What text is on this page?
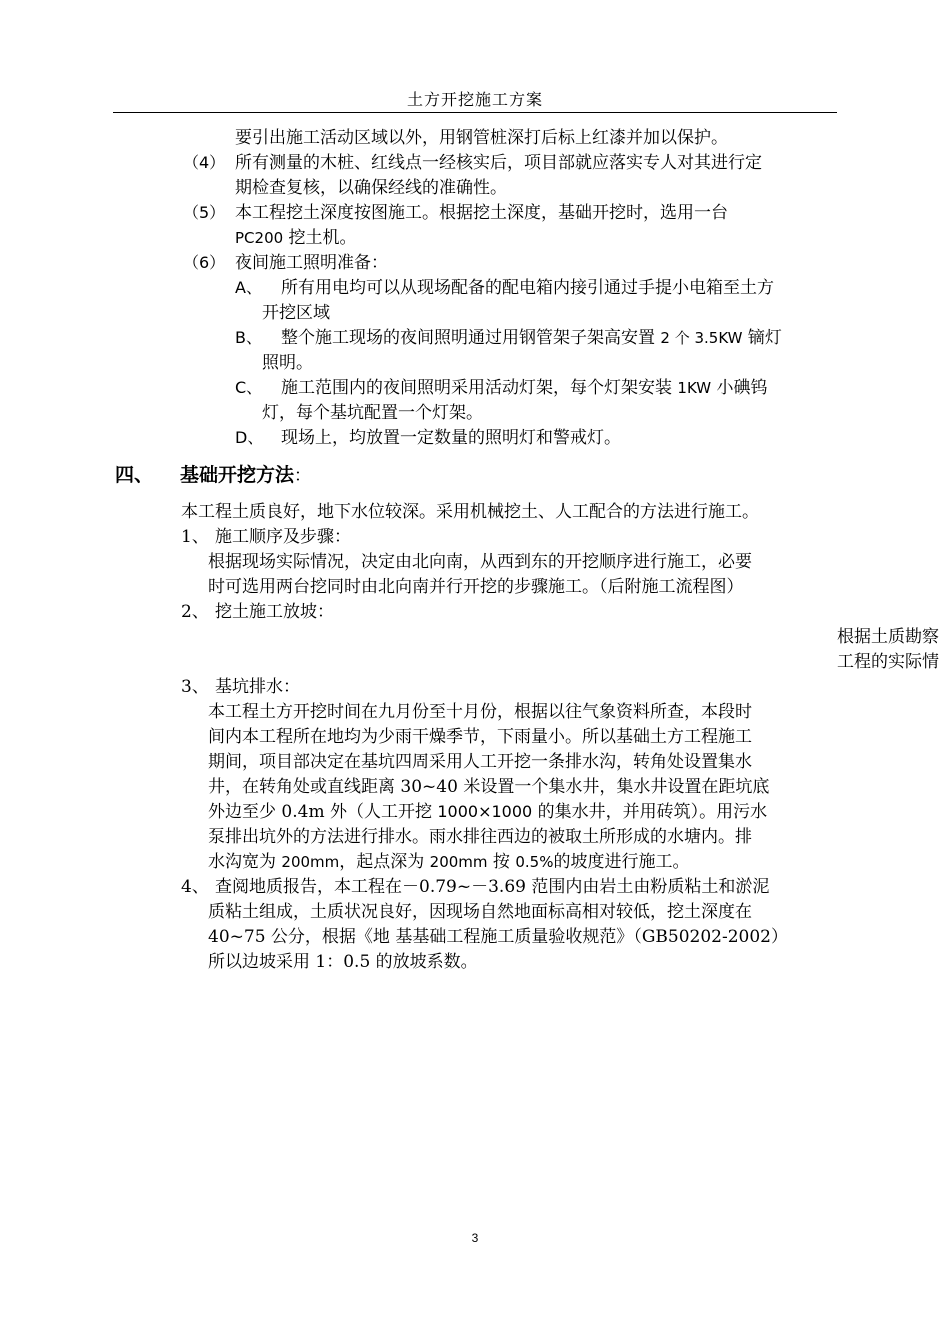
土方开挖施工方案
要引出施工活动区域以外，用钢管桩深打后标上红漆并加以保护。
（4） 所有测量的木桩、红线点一经核实后，项目部就应落实专人对其进行定
期检查复核，以确保经线的准确性。
（5） 本工程挖土深度按图施工。根据挖土深度，基础开挖时，选用一台
PC200 挖土机。
（6） 夜间施工照明准备：
A、 所有用电均可以从现场配备的配电箱内接引通过手提小电箱至土方
开挖区域
B、 整个施工现场的夜间照明通过用钢管架子架高安置 2 个 3.5KW 镝灯
照明。
C、 施工范围内的夜间照明采用活动灯架，每个灯架安装 1KW 小碘钨
灯，每个基坑配置一个灯架。
D、 现场上，均放置一定数量的照明灯和警戒灯。
四、 基础开挖方法：
本工程土质良好，地下水位较深。采用机械挖土、人工配合的方法进行施工。
1、 施工顺序及步骤：
根据现场实际情况，决定由北向南，从西到东的开挖顺序进行施工，必要
时可选用两台挖同时由北向南并行开挖的步骤施工。（后附施工流程图）
2、 挖土施工放坡：
根据土质勘察
工程的实际情
3、 基坑排水：
本工程土方开挖时间在九月份至十月份，根据以往气象资料所查，本段时
间内本工程所在地均为少雨干燥季节，下雨量小。所以基础土方工程施工
期间，项目部决定在基坑四周采用人工开挖一条排水沟，转角处设置集水
井，在转角处或直线距离 30~40 米设置一个集水井，集水井设置在距坑底
外边至少 0.4m 外（人工开挖 1000×1000 的集水井，并用砖筑）。用污水
泵排出坑外的方法进行排水。雨水排往西边的被取土所形成的水塘内。排
水沟宽为 200mm，起点深为 200mm 按 0.5%的坡度进行施工。
4、 查阅地质报告，本工程在－0.79~－3.69 范围内由岩土由粉质粘土和淤泥
质粘土组成，土质状况良好，因现场自然地面标高相对较低，挖土深度在
40~75 公分，根据《地 基基础工程施工质量验收规范》（GB50202-2002）
所以边坡采用 1：0.5 的放坡系数。
3
